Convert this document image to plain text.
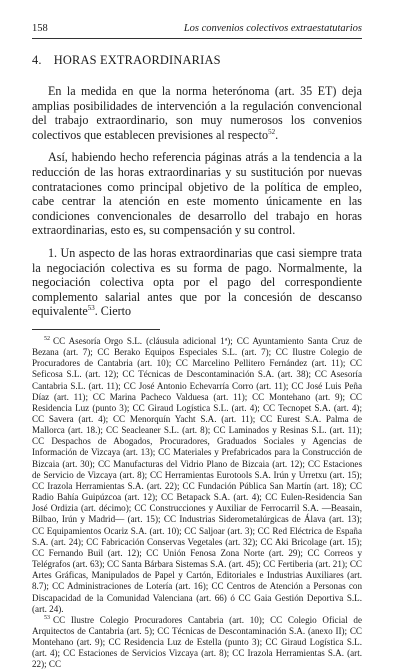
158	Los convenios colectivos extraestatutarios
4. HORAS EXTRAORDINARIAS

En la medida en que la norma heterónoma (art. 35 ET) deja amplias posibilidades de intervención a la regulación convencional del trabajo extraordinario, son muy numerosos los convenios colectivos que establecen previsiones al respecto$^{52}$.

Así, habiendo hecho referencia páginas atrás a la tendencia a la reducción de las horas extraordinarias y su sustitución por nuevas contrataciones como principal objetivo de la política de empleo, cabe centrar la atención en este momento únicamente en las condiciones convencionales de desarrollo del trabajo en horas extraordinarias, esto es, su compensación y su control.

1. Un aspecto de las horas extraordinarias que casi siempre trata la negociación colectiva es su forma de pago. Normalmente, la negociación colectiva opta por el pago del correspondiente complemento salarial antes que por la concesión de descanso equivalente$^{53}$. Cierto

$^{52}$ CC Asesoría Orgo S.L. (cláusula adicional 1ª); CC Ayuntamiento Santa Cruz de Bezana (art. 7); CC Berako Equipos Especiales S.L. (art. 7); CC Ilustre Colegio de Procuradores de Cantabria (art. 10); CC Marcelino Pellitero Fernández (art. 11); CC Seficosa S.L. (art. 12); CC Técnicas de Descontaminación S.A. (art. 38); CC Asesoría Cantabria S.L. (art. 11); CC José Antonio Echevarría Corro (art. 11); CC José Luis Peña Díaz (art. 11); CC Marina Pacheco Valduesa (art. 11); CC Montehano (art. 9); CC Residencia Luz (punto 3); CC Giraud Logística S.L. (art. 4); CC Tecnopet S.A. (art. 4); CC Savera (art. 4); CC Menorquín Yacht S.A. (art. 11); CC Eurest S.A. Palma de Mallorca (art. 18.); CC Seacleaner S.L. (art. 8); CC Laminados y Resinas S.L. (art. 11); CC Despachos de Abogados, Procuradores, Graduados Sociales y Agencias de Información de Vizcaya (art. 13); CC Materiales y Prefabricados para la Construcción de Bizcaia (art. 30); CC Manufacturas del Vidrio Plano de Bizcaia (art. 12); CC Estaciones de Servicio de Vizcaya (art. 8); CC Herramientas Eurotools S.A. Irún y Urretxu (art. 15); CC Irazola Herramientas S.A. (art. 22); CC Fundación Pública San Martín (art. 18); CC Radio Bahía Guipúzcoa (art. 12); CC Betapack S.A. (art. 4); CC Eulen-Residencia San José Ordizia (art. décimo); CC Construcciones y Auxiliar de Ferrocarril S.A. —Beasain, Bilbao, Irún y Madrid— (art. 15); CC Industrias Siderometalúrgicas de Álava (art. 13); CC Equipamientos Ocariz S.A. (art. 10); CC Saljoar (art. 3); CC Red Eléctrica de España S.A. (art. 24); CC Fabricación Conservas Vegetales (art. 32); CC Aki Bricolage (art. 15); CC Fernando Buil (art. 12); CC Unión Fenosa Zona Norte (art. 29); CC Correos y Telégrafos (art. 63); CC Santa Bárbara Sistemas S.A. (art. 45); CC Fertiberia (art. 21); CC Artes Gráficas, Manipulados de Papel y Cartón, Editoriales e Industrias Auxiliares (art. 8.7); CC Administraciones de Lotería (art. 16); CC Centros de Atención a Personas con Discapacidad de la Comunidad Valenciana (art. 66) ó CC Gaia Gestión Deportiva S.L. (art. 24).

$^{53}$ CC Ilustre Colegio Procuradores Cantabria (art. 10); CC Colegio Oficial de Arquitectos de Cantabria (art. 5); CC Técnicas de Descontaminación S.A. (anexo II); CC Montehano (art. 9); CC Residencia Luz de Estella (punto 3); CC Giraud Logística S.L. (art. 4); CC Estaciones de Servicios Vizcaya (art. 8); CC Irazola Herramientas S.A. (art. 22); CC
